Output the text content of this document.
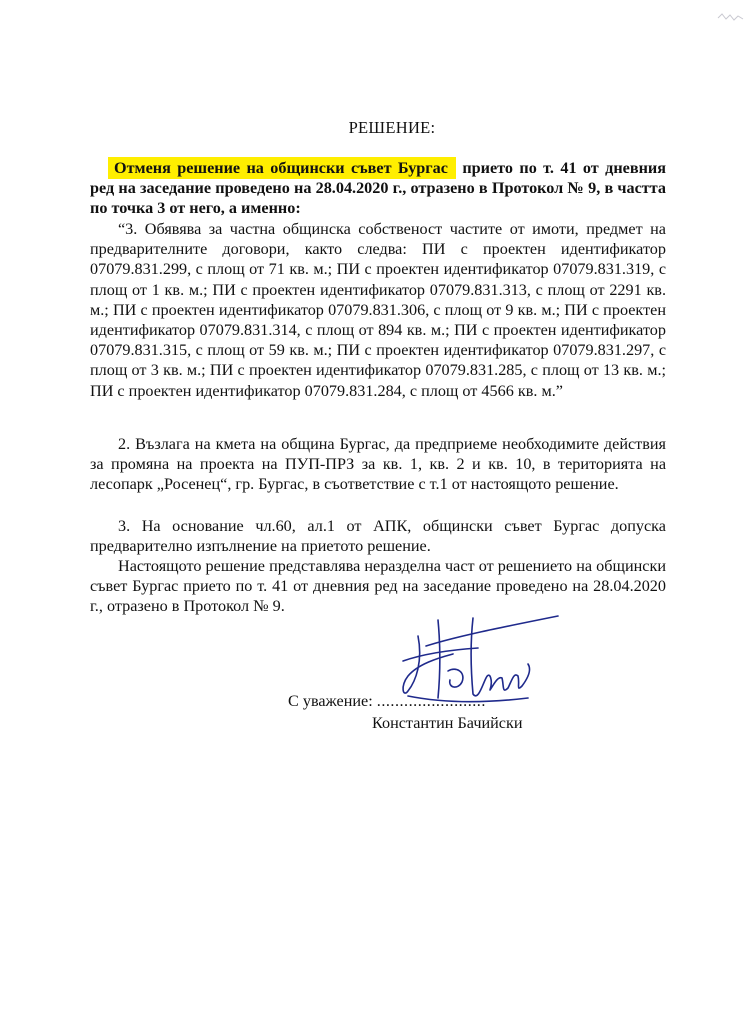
РЕШЕНИЕ:
Отменя решение на общински съвет Бургас прието по т. 41 от дневния ред на заседание проведено на 28.04.2020 г., отразено в Протокол № 9, в частта по точка 3 от него, а именно:
“3. Обявява за частна общинска собственост частите от имоти, предмет на предварителните договори, както следва: ПИ с проектен идентификатор 07079.831.299, с площ от 71 кв. м.; ПИ с проектен идентификатор 07079.831.319, с площ от 1 кв. м.; ПИ с проектен идентификатор 07079.831.313, с площ от 2291 кв. м.; ПИ с проектен идентификатор 07079.831.306, с площ от 9 кв. м.; ПИ с проектен идентификатор 07079.831.314, с площ от 894 кв. м.; ПИ с проектен идентификатор 07079.831.315, с площ от 59 кв. м.; ПИ с проектен идентификатор 07079.831.297, с площ от 3 кв. м.; ПИ с проектен идентификатор 07079.831.285, с площ от 13 кв. м.; ПИ с проектен идентификатор 07079.831.284, с площ от 4566 кв. м.”
2. Възлага на кмета на община Бургас, да предприеме необходимите действия за промяна на проекта на ПУП-ПРЗ за кв. 1, кв. 2 и кв. 10, в територията на лесопарк „Росенец“, гр. Бургас, в съответствие с т.1 от настоящото решение.
3. На основание чл.60, ал.1 от АПК, общински съвет Бургас допуска предварително изпълнение на приетото решение.
Настоящото решение представлява неразделна част от решението на общински съвет Бургас прието по т. 41 от дневния ред на заседание проведено на 28.04.2020 г., отразено в Протокол № 9.
С уважение: ........................
Константин Бачийски
